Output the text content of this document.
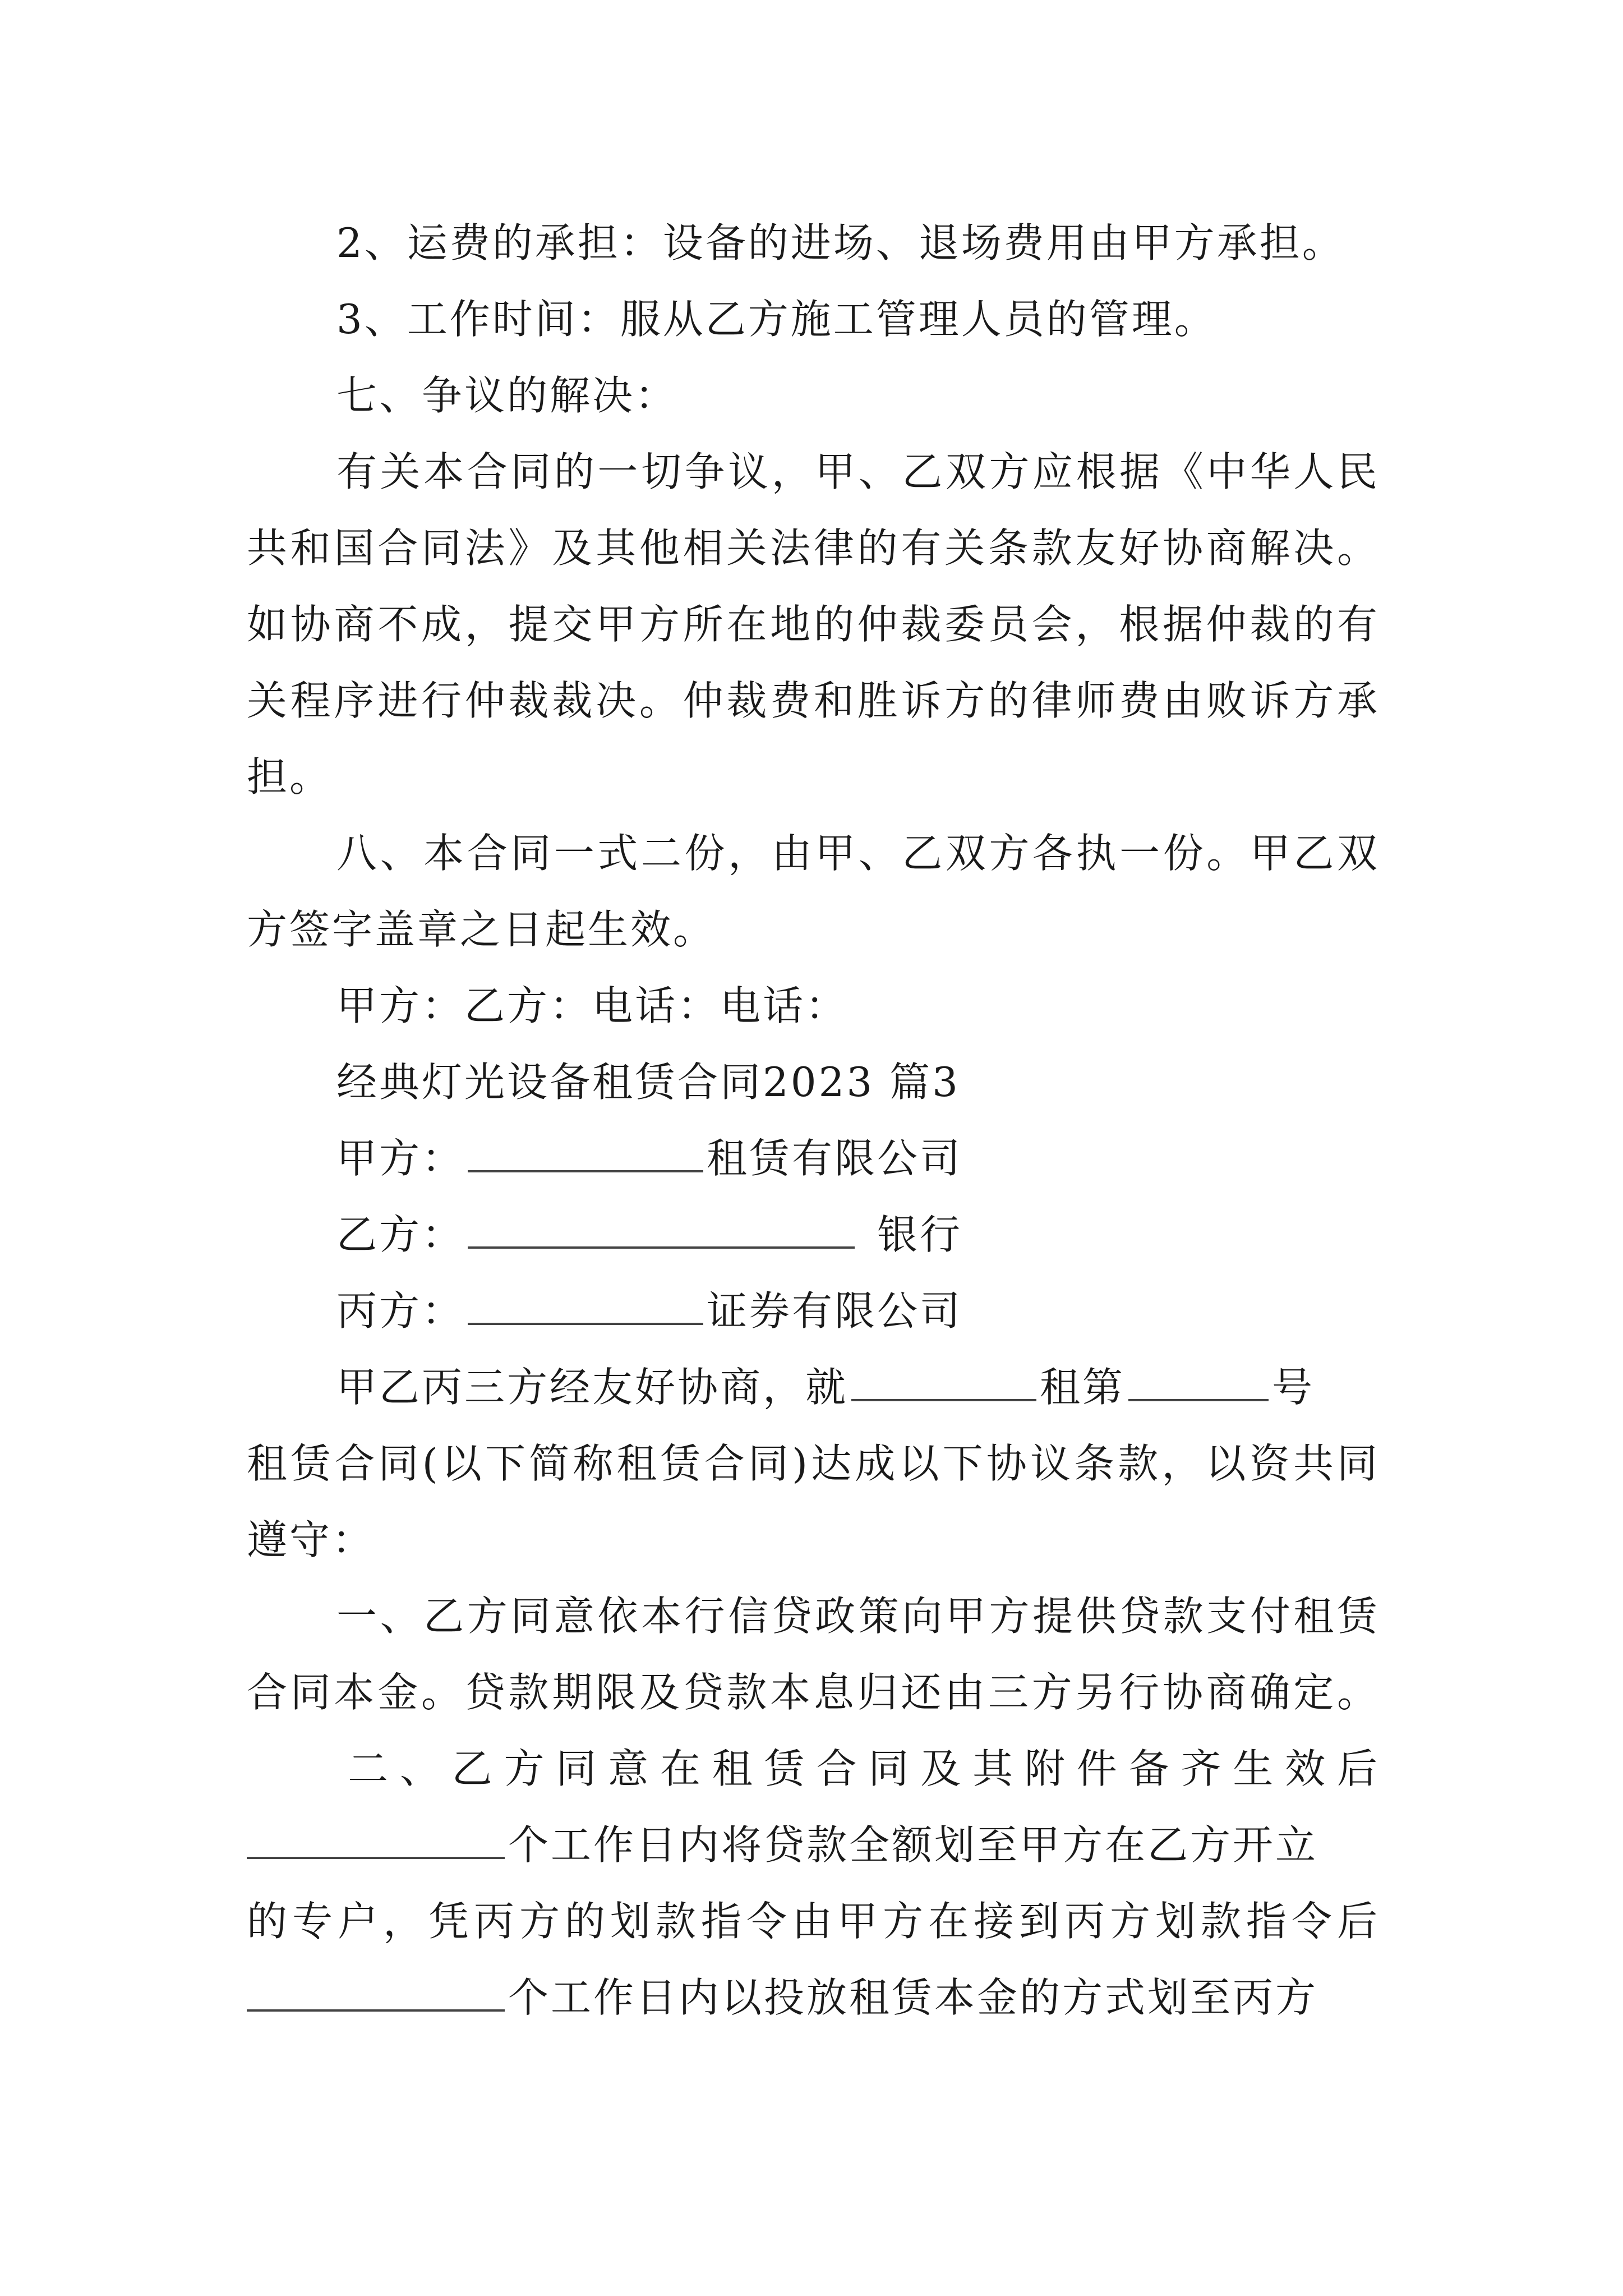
2、运费的承担：设备的进场、退场费用由甲方承担。
3、工作时间：服从乙方施工管理人员的管理。
七、争议的解决：
有关本合同的一切争议，甲、乙双方应根据《中华人民
共和国合同法》及其他相关法律的有关条款友好协商解决。
如协商不成，提交甲方所在地的仲裁委员会，根据仲裁的有
关程序进行仲裁裁决。仲裁费和胜诉方的律师费由败诉方承
担。
八、本合同一式二份，由甲、乙双方各执一份。甲乙双
方签字盖章之日起生效。
甲方：乙方：电话：电话：
经典灯光设备租赁合同2023 篇3
甲方：	租赁有限公司
乙方：	银行
丙方：	证券有限公司
甲乙丙三方经友好协商，就	租第	号
租赁合同(以下简称租赁合同)达成以下协议条款，以资共同
遵守：
一、乙方同意依本行信贷政策向甲方提供贷款支付租赁
合同本金。贷款期限及贷款本息归还由三方另行协商确定。
二、乙方同意在租赁合同及其附件备齐生效后
个工作日内将贷款全额划至甲方在乙方开立
的专户，凭丙方的划款指令由甲方在接到丙方划款指令后
个工作日内以投放租赁本金的方式划至丙方
